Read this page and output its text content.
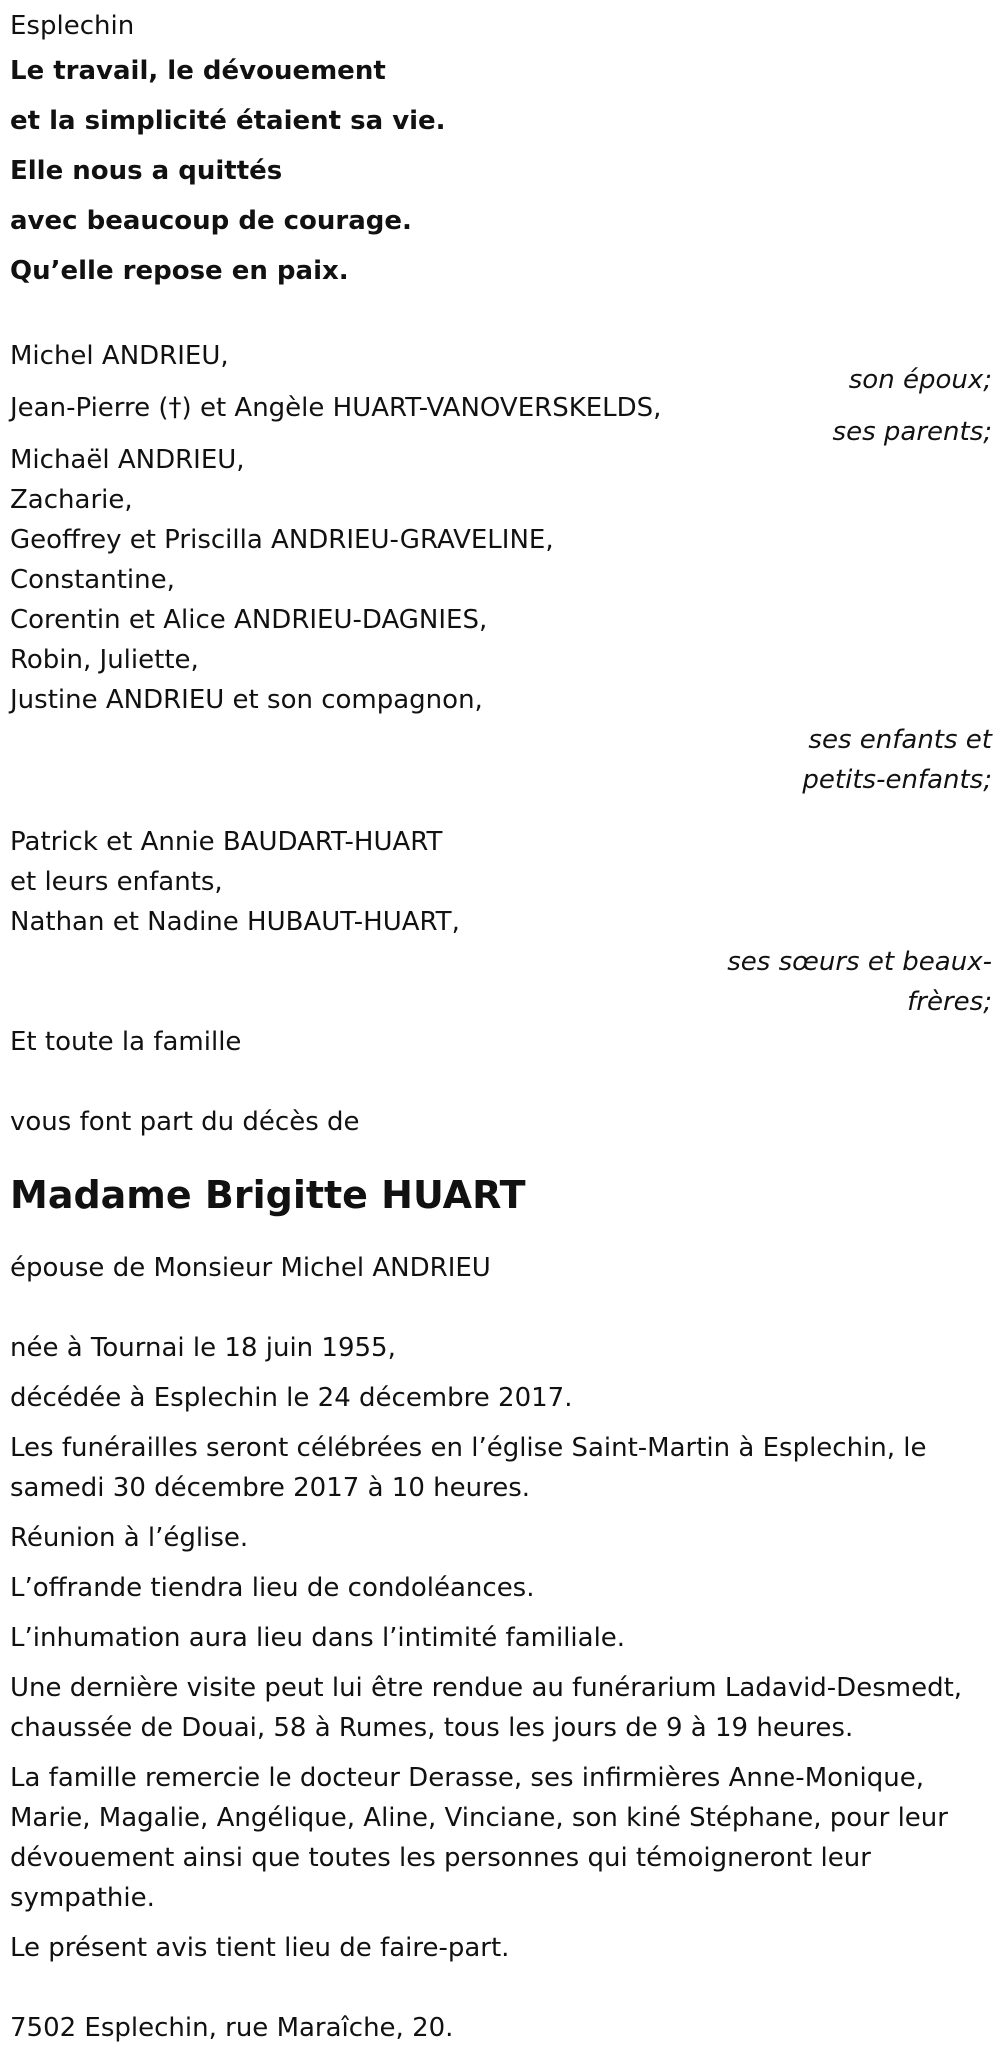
Esplechin
Le travail, le dévouement
et la simplicité étaient sa vie.
Elle nous a quittés
avec beaucoup de courage.
Qu’elle repose en paix.
Michel ANDRIEU,
son époux;
Jean-Pierre (†) et Angèle HUART-VANOVERSKELDS,
ses parents;
Michaël ANDRIEU,
Zacharie,
Geoffrey et Priscilla ANDRIEU-GRAVELINE,
Constantine,
Corentin et Alice ANDRIEU-DAGNIES,
Robin, Juliette,
Justine ANDRIEU et son compagnon,
ses enfants et
petits-enfants;
Patrick et Annie BAUDART-HUART
et leurs enfants,
Nathan et Nadine HUBAUT-HUART,
ses sœurs et beaux-
frères;
Et toute la famille
vous font part du décès de
Madame Brigitte HUART
épouse de Monsieur Michel ANDRIEU
née à Tournai le 18 juin 1955,
décédée à Esplechin le 24 décembre 2017.
Les funérailles seront célébrées en l’église Saint-Martin à Esplechin, le samedi 30 décembre 2017 à 10 heures.
Réunion à l’église.
L’offrande tiendra lieu de condoléances.
L’inhumation aura lieu dans l’intimité familiale.
Une dernière visite peut lui être rendue au funérarium Ladavid-Desmedt, chaussée de Douai, 58 à Rumes, tous les jours de 9 à 19 heures.
La famille remercie le docteur Derasse, ses infirmières Anne-Monique, Marie, Magalie, Angélique, Aline, Vinciane, son kiné Stéphane, pour leur dévouement ainsi que toutes les personnes qui témoigneront leur sympathie.
Le présent avis tient lieu de faire-part.
7502 Esplechin, rue Maraîche, 20.
